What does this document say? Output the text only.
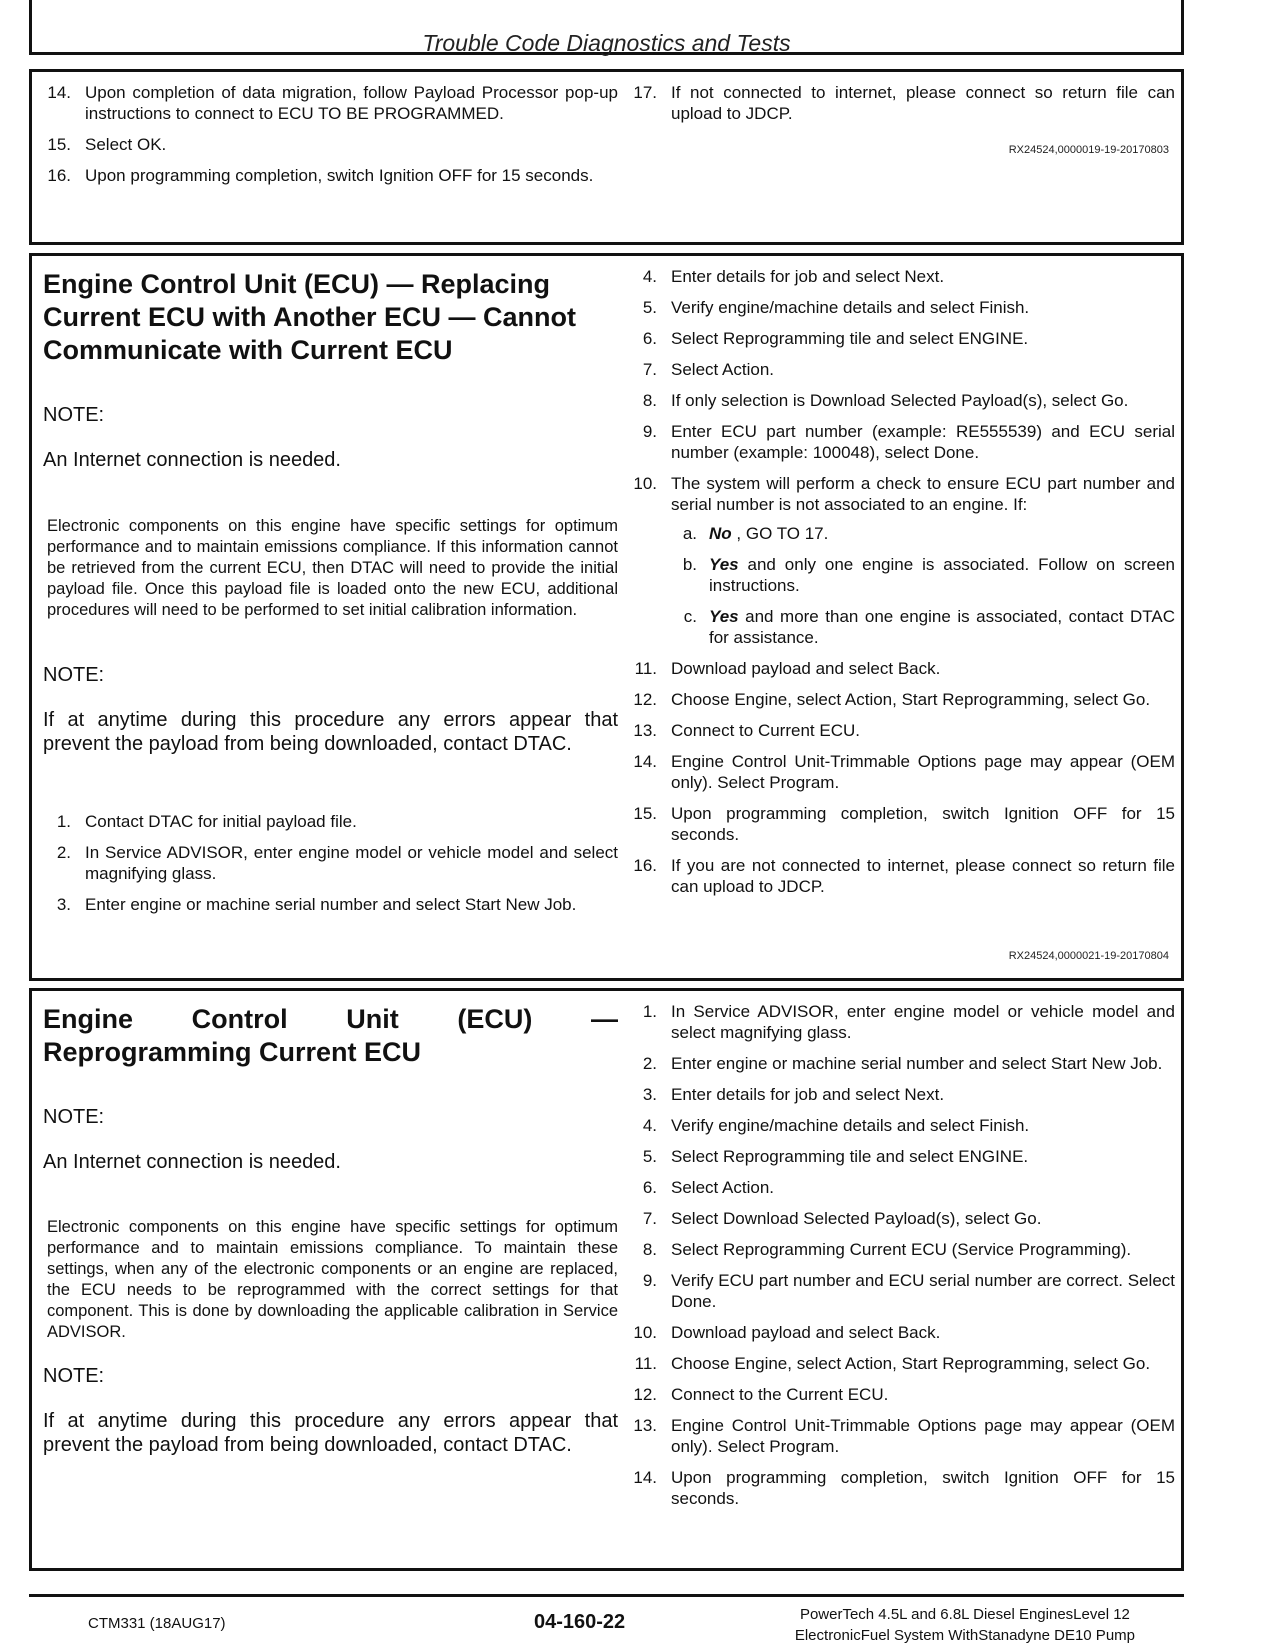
Trouble Code Diagnostics and Tests
14. Upon completion of data migration, follow Payload Processor pop-up instructions to connect to ECU TO BE PROGRAMMED.
15. Select OK.
16. Upon programming completion, switch Ignition OFF for 15 seconds.
17. If not connected to internet, please connect so return file can upload to JDCP.
RX24524,0000019-19-20170803
Engine Control Unit (ECU) — Replacing Current ECU with Another ECU — Cannot Communicate with Current ECU

NOTE:

An Internet connection is needed.

Electronic components on this engine have specific settings for optimum performance and to maintain emissions compliance. If this information cannot be retrieved from the current ECU, then DTAC will need to provide the initial payload file. Once this payload file is loaded onto the new ECU, additional procedures will need to be performed to set initial calibration information.

NOTE:

If at anytime during this procedure any errors appear that prevent the payload from being downloaded, contact DTAC.

1. Contact DTAC for initial payload file.
2. In Service ADVISOR, enter engine model or vehicle model and select magnifying glass.
3. Enter engine or machine serial number and select Start New Job.
4. Enter details for job and select Next.
5. Verify engine/machine details and select Finish.
6. Select Reprogramming tile and select ENGINE.
7. Select Action.
8. If only selection is Download Selected Payload(s), select Go.
9. Enter ECU part number (example: RE555539) and ECU serial number (example: 100048), select Done.
10. The system will perform a check to ensure ECU part number and serial number is not associated to an engine. If:
a. No , GO TO 17.
b. Yes and only one engine is associated. Follow on screen instructions.
c. Yes and more than one engine is associated, contact DTAC for assistance.
11. Download payload and select Back.
12. Choose Engine, select Action, Start Reprogramming, select Go.
13. Connect to Current ECU.
14. Engine Control Unit-Trimmable Options page may appear (OEM only). Select Program.
15. Upon programming completion, switch Ignition OFF for 15 seconds.
16. If you are not connected to internet, please connect so return file can upload to JDCP.
RX24524,0000021-19-20170804
Engine Control Unit (ECU) —
Reprogramming Current ECU

NOTE:

An Internet connection is needed.

Electronic components on this engine have specific settings for optimum performance and to maintain emissions compliance. To maintain these settings, when any of the electronic components or an engine are replaced, the ECU needs to be reprogrammed with the correct settings for that component. This is done by downloading the applicable calibration in Service ADVISOR.

NOTE:

If at anytime during this procedure any errors appear that prevent the payload from being downloaded, contact DTAC.

1. In Service ADVISOR, enter engine model or vehicle model and select magnifying glass.
2. Enter engine or machine serial number and select Start New Job.
3. Enter details for job and select Next.
4. Verify engine/machine details and select Finish.
5. Select Reprogramming tile and select ENGINE.
6. Select Action.
7. Select Download Selected Payload(s), select Go.
8. Select Reprogramming Current ECU (Service Programming).
9. Verify ECU part number and ECU serial number are correct. Select Done.
10. Download payload and select Back.
11. Choose Engine, select Action, Start Reprogramming, select Go.
12. Connect to the Current ECU.
13. Engine Control Unit-Trimmable Options page may appear (OEM only). Select Program.
14. Upon programming completion, switch Ignition OFF for 15 seconds.
CTM331 (18AUG17)	04-160-22	PowerTech 4.5L and 6.8L Diesel EnginesLevel 12
ElectronicFuel System WithStanadyne DE10 Pump
